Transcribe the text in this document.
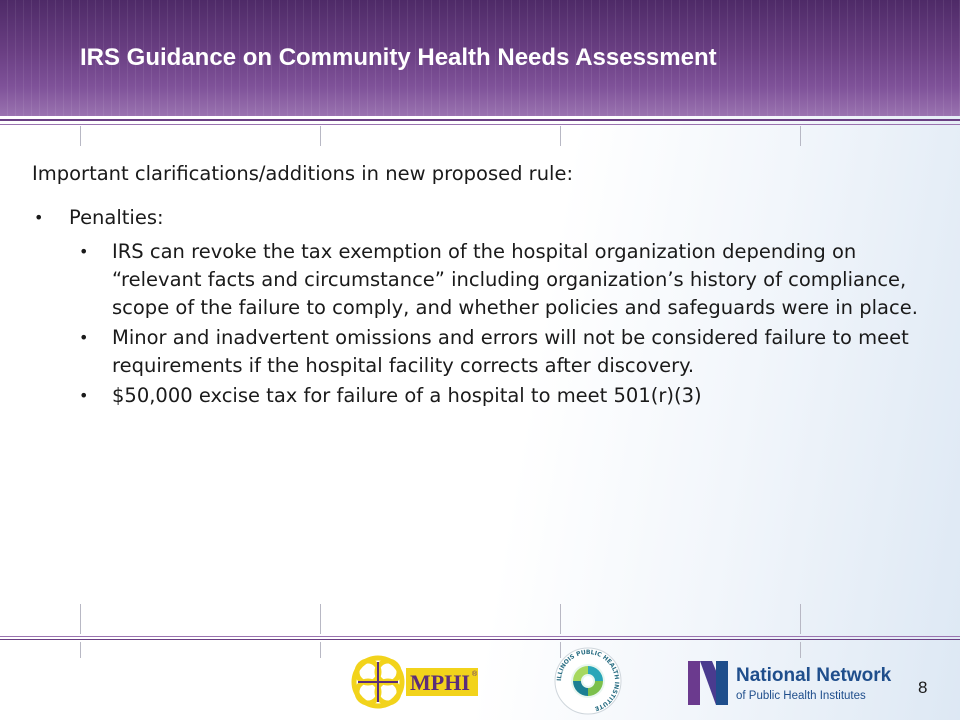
IRS Guidance on Community Health Needs Assessment

Important clarifications/additions in new proposed rule:

• Penalties:
• IRS can revoke the tax exemption of the hospital organization depending on “relevant facts and circumstance” including organization’s history of compliance, scope of the failure to comply, and whether policies and safeguards were in place.
• Minor and inadvertent omissions and errors will not be considered failure to meet requirements if the hospital facility corrects after discovery.
• $50,000 excise tax for failure of a hospital to meet 501(r)(3)
MPHI ®
ILLINOIS PUBLIC HEALTH INSTITUTE
National Network
of Public Health Institutes	8
